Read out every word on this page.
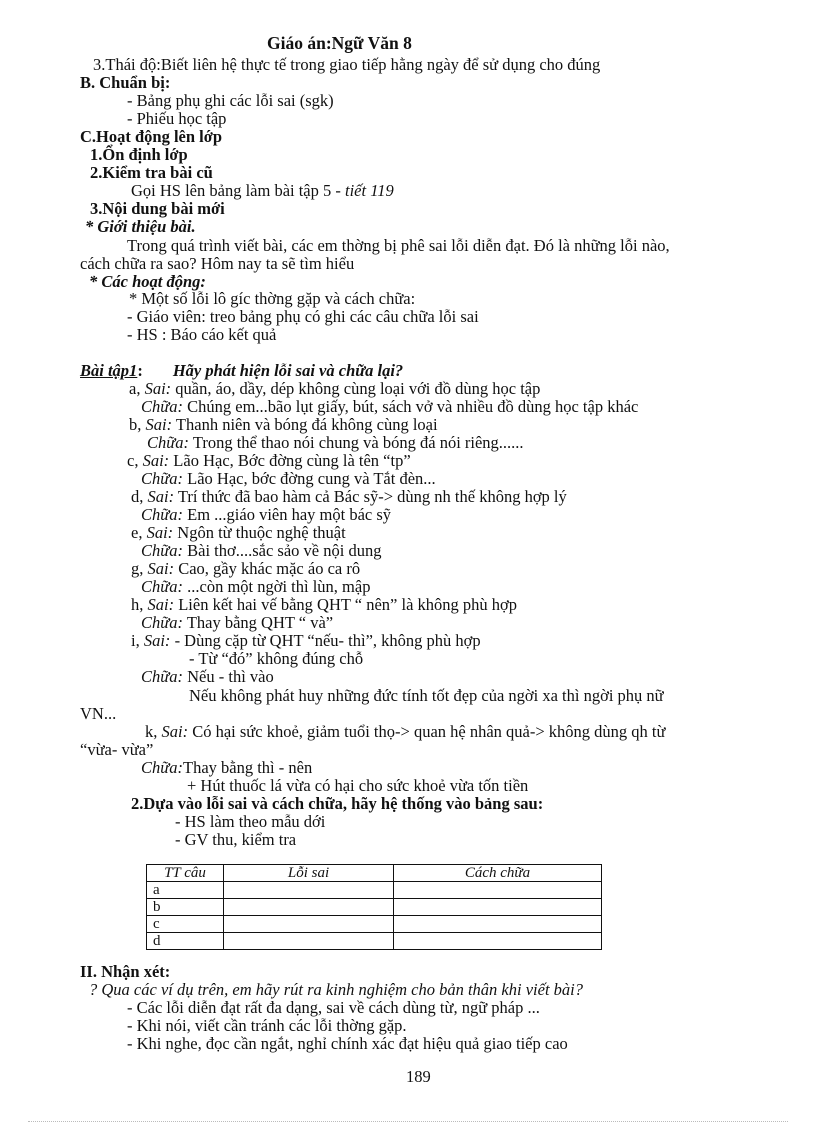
Giáo án:Ngữ Văn 8
3.Thái độ:Biết liên hệ thực tế trong giao tiếp hằng ngày để sử dụng cho đúng
B. Chuẩn bị:
- Bảng phụ ghi các lỗi sai (sgk)
- Phiếu học tập
C.Hoạt động lên lớp
1.Ổn định lớp
2.Kiểm tra bài cũ
Gọi HS lên bảng làm bài tập 5 - tiết 119
3.Nội dung bài mới
* Giới thiệu bài.
Trong quá trình viết bài, các em thờng bị phê sai lỗi diễn đạt. Đó là những lỗi nào,
cách chữa ra sao? Hôm nay ta sẽ tìm hiểu
* Các hoạt động:
* Một số lỗi lô gíc thờng gặp và cách chữa:
- Giáo viên: treo bảng phụ có ghi các câu chữa lỗi sai
- HS : Báo cáo kết quả
Bài tập1: Hãy phát hiện lỗi sai và chữa lại?
a, Sai: quần, áo, dầy, dép không cùng loại với đồ dùng học tập
Chữa: Chúng em...bão lụt giấy, bút, sách vở và nhiều đồ dùng học tập khác
b, Sai: Thanh niên và bóng đá không cùng loại
Chữa: Trong thể thao nói chung và bóng đá nói riêng......
c, Sai: Lão Hạc, Bớc đờng cùng là tên “tp”
Chữa: Lão Hạc, bớc đờng cung và Tắt đèn...
d, Sai: Trí thức đã bao hàm cả Bác sỹ-> dùng nh thế không hợp lý
Chữa: Em ...giáo viên hay một bác sỹ
e, Sai: Ngôn từ thuộc nghệ thuật
Chữa: Bài thơ....sắc sảo về nội dung
g, Sai: Cao, gầy khác mặc áo ca rô
Chữa: ...còn một ngời thì lùn, mập
h, Sai: Liên kết hai vế bằng QHT “ nên” là không phù hợp
Chữa: Thay bằng QHT “ và”
i, Sai: - Dùng cặp từ QHT “nếu- thì”, không phù hợp
- Từ “đó” không đúng chỗ
Chữa: Nếu - thì vào
Nếu không phát huy những đức tính tốt đẹp của ngời xa thì ngời phụ nữ
VN...
k, Sai: Có hại sức khoẻ, giảm tuổi thọ-> quan hệ nhân quả-> không dùng qh từ
“vừa- vừa”
Chữa:Thay bằng thì - nên
+ Hút thuốc lá vừa có hại cho sức khoẻ vừa tốn tiền
2.Dựa vào lỗi sai và cách chữa, hãy hệ thống vào bảng sau:
- HS làm theo mẫu dới
- GV thu, kiểm tra
TT câu	Lỗi sai	Cách chữa
a		
b		
c		
d		
II. Nhận xét:
? Qua các ví dụ trên, em hãy rút ra kinh nghiệm cho bản thân khi viết bài?
- Các lỗi diễn đạt rất đa dạng, sai về cách dùng từ, ngữ pháp ...
- Khi nói, viết cần tránh các lỗi thờng gặp.
- Khi nghe, đọc cần ngắt, nghỉ chính xác đạt hiệu quả giao tiếp cao
189
